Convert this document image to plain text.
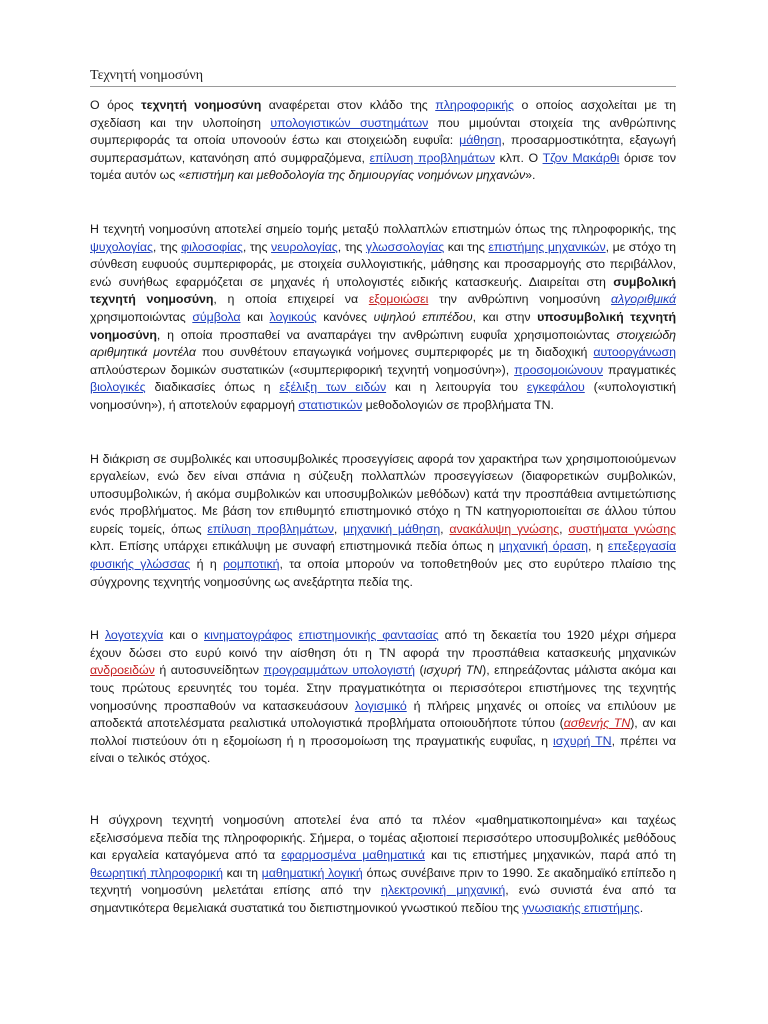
Τεχνητή νοημοσύνη

Ο όρος τεχνητή νοημοσύνη αναφέρεται στον κλάδο της πληροφορικής ο οποίος ασχολείται με τη σχεδίαση και την υλοποίηση υπολογιστικών συστημάτων που μιμούνται στοιχεία της ανθρώπινης συμπεριφοράς τα οποία υπονοούν έστω και στοιχειώδη ευφυΐα: μάθηση, προσαρμοστικότητα, εξαγωγή συμπερασμάτων, κατανόηση από συμφραζόμενα, επίλυση προβλημάτων κλπ. Ο Τζον Μακάρθι όρισε τον τομέα αυτόν ως «επιστήμη και μεθοδολογία της δημιουργίας νοημόνων μηχανών».

Η τεχνητή νοημοσύνη αποτελεί σημείο τομής μεταξύ πολλαπλών επιστημών όπως της πληροφορικής, της ψυχολογίας, της φιλοσοφίας, της νευρολογίας, της γλωσσολογίας και της επιστήμης μηχανικών, με στόχο τη σύνθεση ευφυούς συμπεριφοράς, με στοιχεία συλλογιστικής, μάθησης και προσαρμογής στο περιβάλλον, ενώ συνήθως εφαρμόζεται σε μηχανές ή υπολογιστές ειδικής κατασκευής. Διαιρείται στη συμβολική τεχνητή νοημοσύνη, η οποία επιχειρεί να εξομοιώσει την ανθρώπινη νοημοσύνη αλγοριθμικά χρησιμοποιώντας σύμβολα και λογικούς κανόνες υψηλού επιπέδου, και στην υποσυμβολική τεχνητή νοημοσύνη, η οποία προσπαθεί να αναπαράγει την ανθρώπινη ευφυΐα χρησιμοποιώντας στοιχειώδη αριθμητικά μοντέλα που συνθέτουν επαγωγικά νοήμονες συμπεριφορές με τη διαδοχική αυτοοργάνωση απλούστερων δομικών συστατικών («συμπεριφορική τεχνητή νοημοσύνη»), προσομοιώνουν πραγματικές βιολογικές διαδικασίες όπως η εξέλιξη των ειδών και η λειτουργία του εγκεφάλου («υπολογιστική νοημοσύνη»), ή αποτελούν εφαρμογή στατιστικών μεθοδολογιών σε προβλήματα ΤΝ.

Η διάκριση σε συμβολικές και υποσυμβολικές προσεγγίσεις αφορά τον χαρακτήρα των χρησιμοποιούμενων εργαλείων, ενώ δεν είναι σπάνια η σύζευξη πολλαπλών προσεγγίσεων (διαφορετικών συμβολικών, υποσυμβολικών, ή ακόμα συμβολικών και υποσυμβολικών μεθόδων) κατά την προσπάθεια αντιμετώπισης ενός προβλήματος. Με βάση τον επιθυμητό επιστημονικό στόχο η ΤΝ κατηγοριοποιείται σε άλλου τύπου ευρείς τομείς, όπως επίλυση προβλημάτων, μηχανική μάθηση, ανακάλυψη γνώσης, συστήματα γνώσης κλπ. Επίσης υπάρχει επικάλυψη με συναφή επιστημονικά πεδία όπως η μηχανική όραση, η επεξεργασία φυσικής γλώσσας ή η ρομποτική, τα οποία μπορούν να τοποθετηθούν μες στο ευρύτερο πλαίσιο της σύγχρονης τεχνητής νοημοσύνης ως ανεξάρτητα πεδία της.

Η λογοτεχνία και ο κινηματογράφος επιστημονικής φαντασίας από τη δεκαετία του 1920 μέχρι σήμερα έχουν δώσει στο ευρύ κοινό την αίσθηση ότι η ΤΝ αφορά την προσπάθεια κατασκευής μηχανικών ανδροειδών ή αυτοσυνείδητων προγραμμάτων υπολογιστή (ισχυρή ΤΝ), επηρεάζοντας μάλιστα ακόμα και τους πρώτους ερευνητές του τομέα. Στην πραγματικότητα οι περισσότεροι επιστήμονες της τεχνητής νοημοσύνης προσπαθούν να κατασκευάσουν λογισμικό ή πλήρεις μηχανές οι οποίες να επιλύουν με αποδεκτά αποτελέσματα ρεαλιστικά υπολογιστικά προβλήματα οποιουδήποτε τύπου (ασθενής ΤΝ), αν και πολλοί πιστεύουν ότι η εξομοίωση ή η προσομοίωση της πραγματικής ευφυΐας, η ισχυρή ΤΝ, πρέπει να είναι ο τελικός στόχος.

Η σύγχρονη τεχνητή νοημοσύνη αποτελεί ένα από τα πλέον «μαθηματικοποιημένα» και ταχέως εξελισσόμενα πεδία της πληροφορικής. Σήμερα, ο τομέας αξιοποιεί περισσότερο υποσυμβολικές μεθόδους και εργαλεία καταγόμενα από τα εφαρμοσμένα μαθηματικά και τις επιστήμες μηχανικών, παρά από τη θεωρητική πληροφορική και τη μαθηματική λογική όπως συνέβαινε πριν το 1990. Σε ακαδημαϊκό επίπεδο η τεχνητή νοημοσύνη μελετάται επίσης από την ηλεκτρονική μηχανική, ενώ συνιστά ένα από τα σημαντικότερα θεμελιακά συστατικά του διεπιστημονικού γνωστικού πεδίου της γνωσιακής επιστήμης.
